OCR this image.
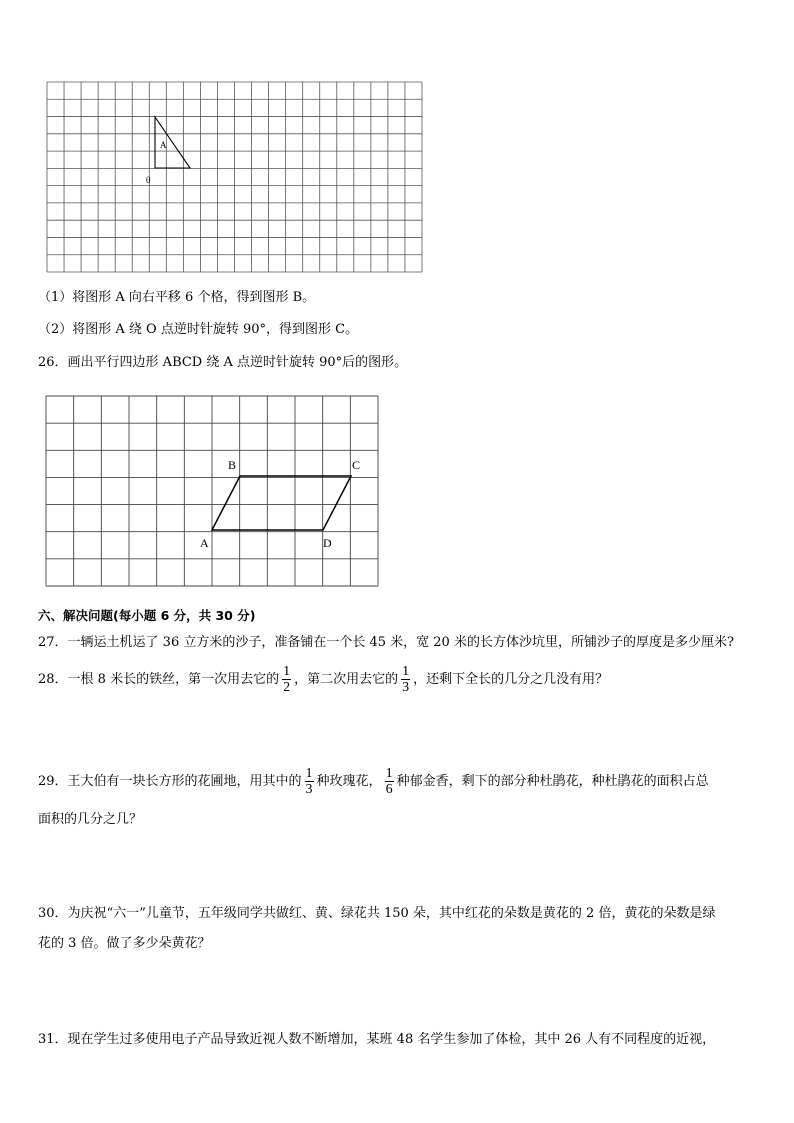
A
0
（1）将图形 A 向右平移 6 个格，得到图形 B。
（2）将图形 A 绕 O 点逆时针旋转 90°，得到图形 C。
26．画出平行四边形 ABCD 绕 A 点逆时针旋转 90°后的图形。
B	C
A	D
六、解决问题(每小题 6 分，共 30 分)
27．一辆运土机运了 36 立方米的沙子，准备铺在一个长 45 米，宽 20 米的长方体沙坑里，所铺沙子的厚度是多少厘米?
28．一根 8 米长的铁丝，第一次用去它的 $\frac{1}{2}$ ，第二次用去它的 $\frac{1}{3}$ ，还剩下全长的几分之几没有用？
29．王大伯有一块长方形的花圃地，用其中的 $\frac{1}{3}$ 种玫瑰花， $\frac{1}{6}$ 种郁金香，剩下的部分种杜鹃花，种杜鹃花的面积占总
面积的几分之几？
30．为庆祝“六一”儿童节，五年级同学共做红、黄、绿花共 150 朵，其中红花的朵数是黄花的 2 倍，黄花的朵数是绿
花的 3 倍。做了多少朵黄花？
31．现在学生过多使用电子产品导致近视人数不断增加，某班 48 名学生参加了体检，其中 26 人有不同程度的近视，
